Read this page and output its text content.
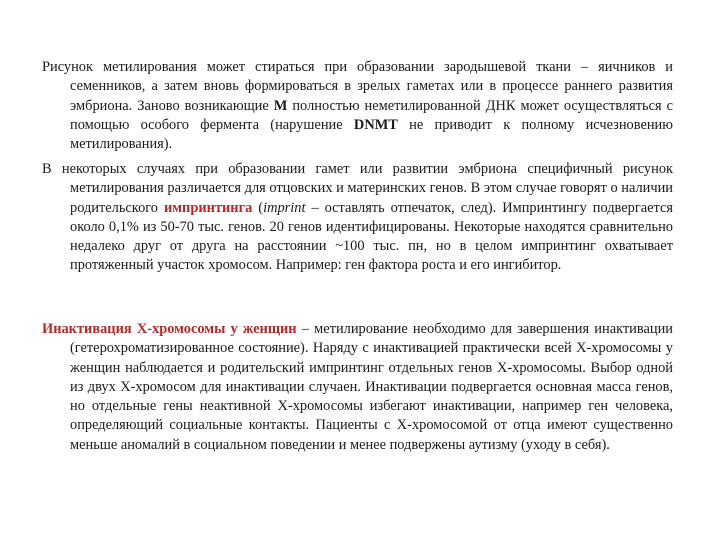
Рисунок метилирования может стираться при образовании зародышевой ткани – яичников и семенников, а затем вновь формироваться в зрелых гаметах или в процессе раннего развития эмбриона. Заново возникающие М полностью неметилированной ДНК может осуществляться с помощью особого фермента (нарушение DNMT не приводит к полному исчезновению метилирования).

В некоторых случаях при образовании гамет или развитии эмбриона специфичный рисунок метилирования различается для отцовских и материнских генов. В этом случае говорят о наличии родительского импринтинга (imprint – оставлять отпечаток, след). Импринтингу подвергается около 0,1% из 50-70 тыс. генов. 20 генов идентифицированы. Некоторые находятся сравнительно недалеко друг от друга на расстоянии ~100 тыс. пн, но в целом импринтинг охватывает протяженный участок хромосом. Например: ген фактора роста и его ингибитор.

Инактивация Х-хромосомы у женщин – метилирование необходимо для завершения инактивации (гетерохроматизированное состояние). Наряду с инактивацией практически всей Х-хромосомы у женщин наблюдается и родительский импринтинг отдельных генов Х-хромосомы. Выбор одной из двух Х-хромосом для инактивации случаен. Инактивации подвергается основная масса генов, но отдельные гены неактивной Х-хромосомы избегают инактивации, например ген человека, определяющий социальные контакты. Пациенты с Х-хромосомой от отца имеют существенно меньше аномалий в социальном поведении и менее подвержены аутизму (уходу в себя).
